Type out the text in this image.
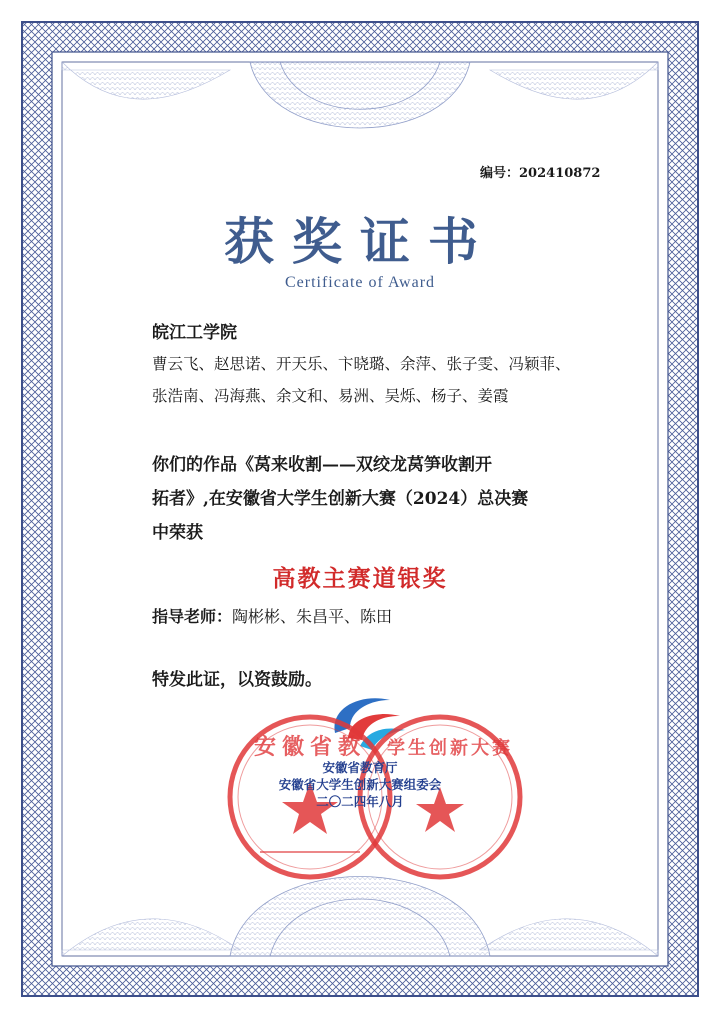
编号：202410872
获奖证书
Certificate of Award
皖江工学院
曹云飞、赵思诺、开天乐、卞晓璐、余萍、张子雯、冯颖菲、
张浩南、冯海燕、余文和、易洲、吴烁、杨子、姜霞
你们的作品《莴来收割——双绞龙莴笋收割开
拓者》,在安徽省大学生创新大赛（2024）总决赛
中荣获
高教主赛道银奖
指导老师：陶彬彬、朱昌平、陈田
特发此证，以资鼓励。
安徽省教 学生创新大赛
安徽省教育厅
安徽省大学生创新大赛组委会
二〇二四年八月
